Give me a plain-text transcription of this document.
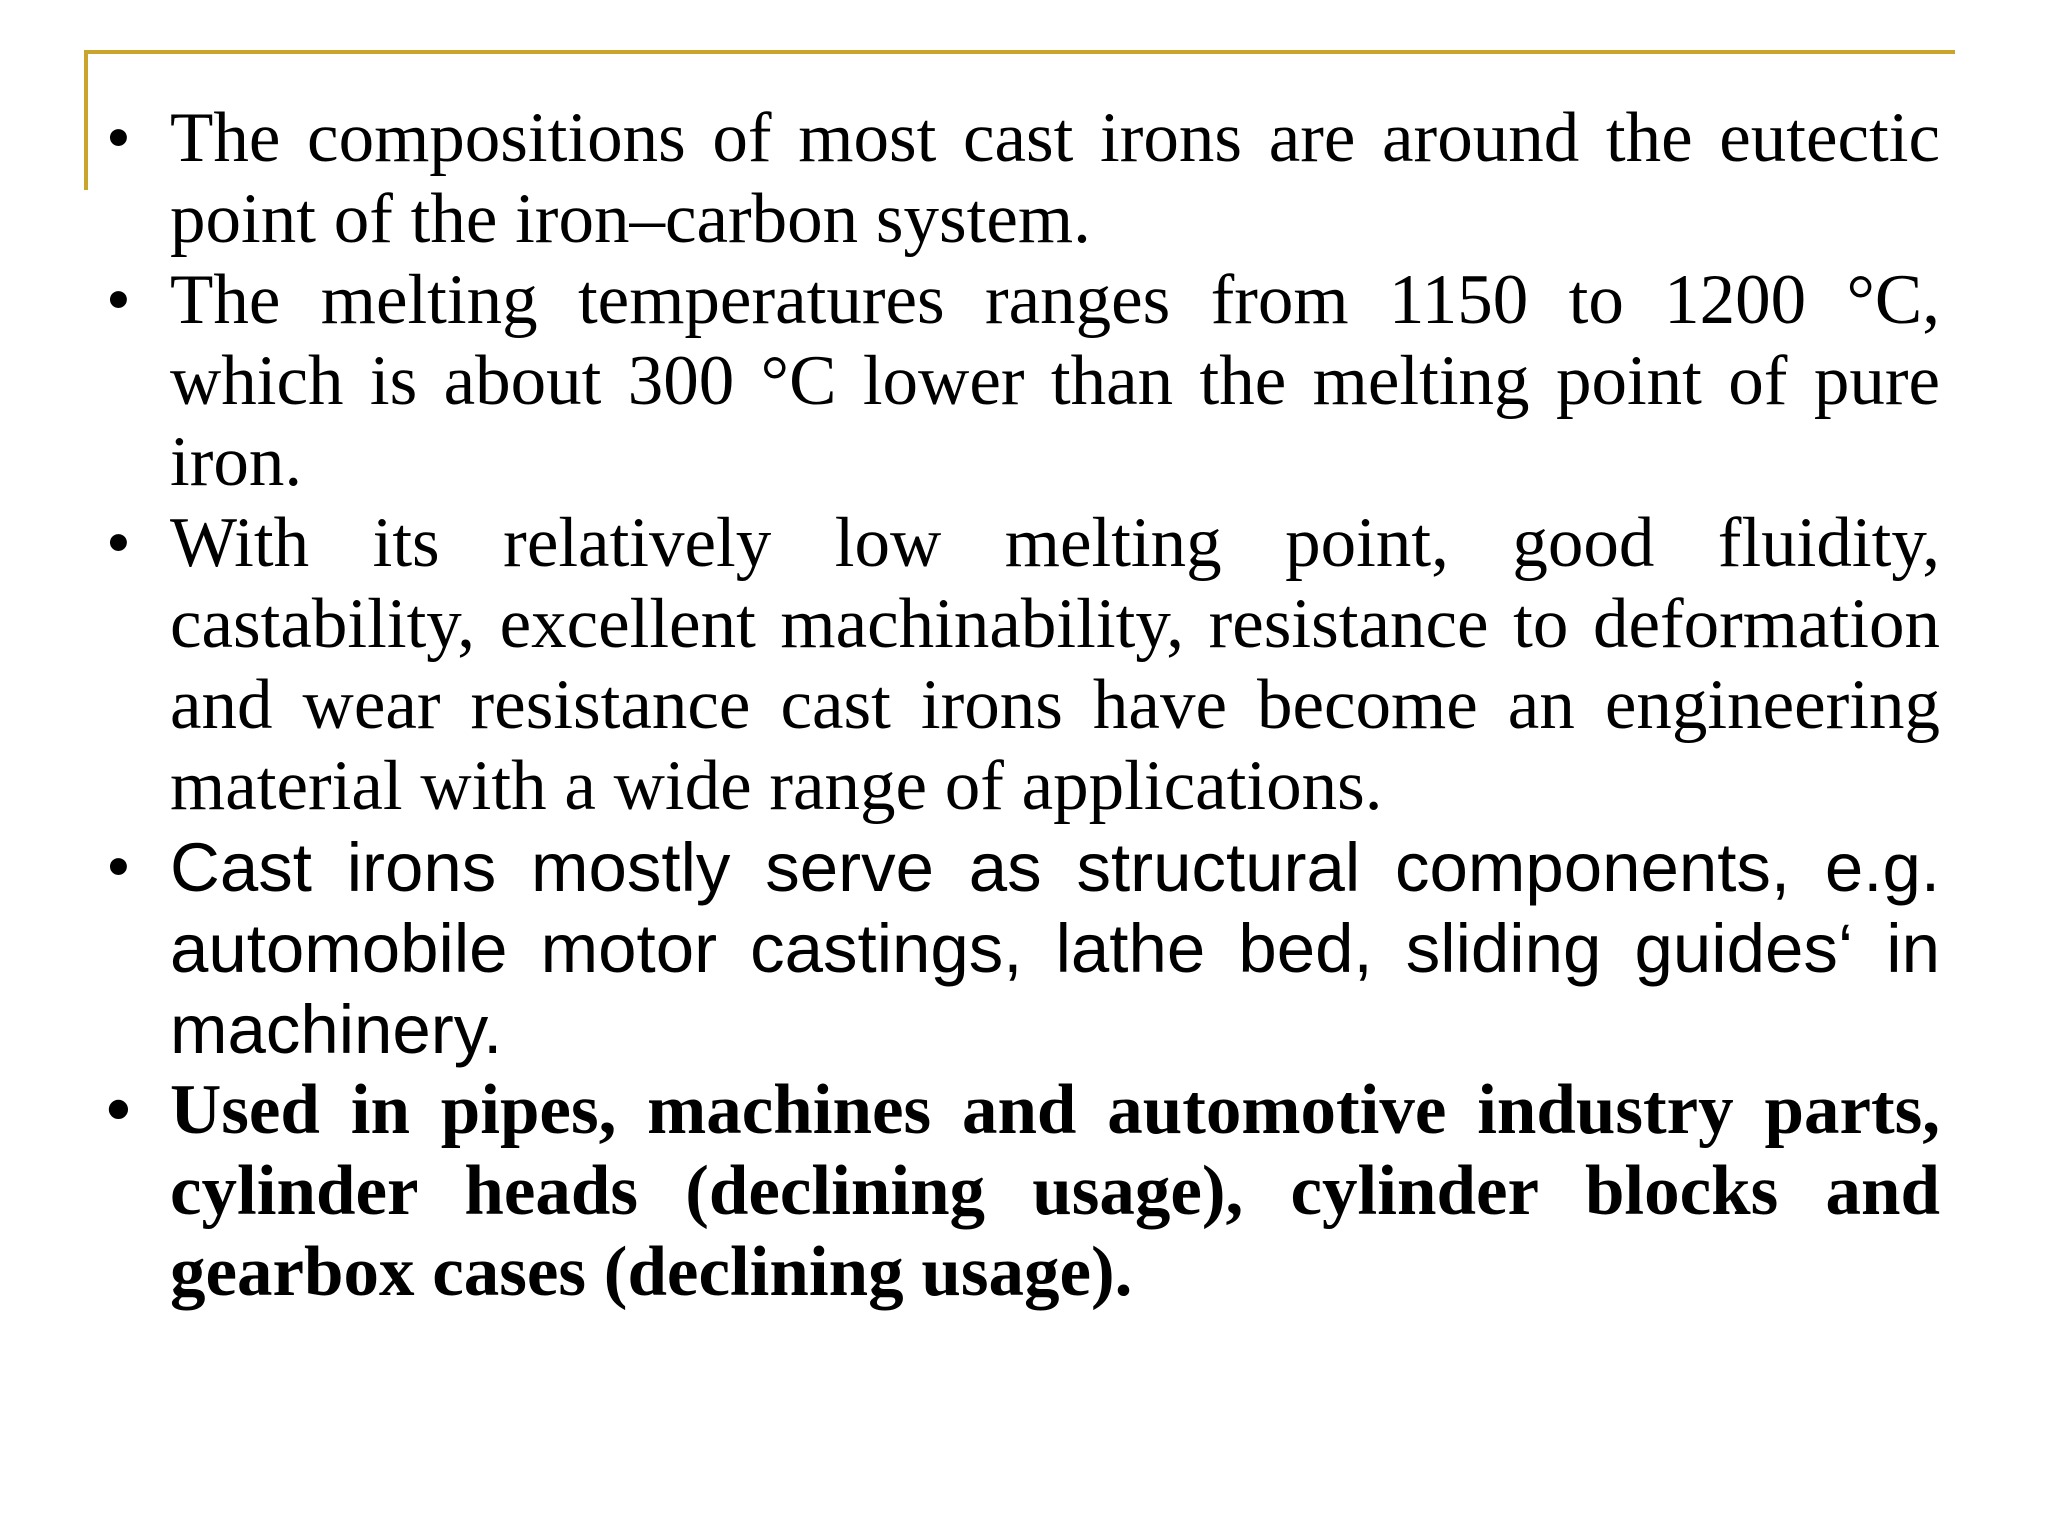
• The compositions of most cast irons are around the eutectic point of the iron–carbon system.
• The melting temperatures ranges from 1150 to 1200 °C, which is about 300 °C lower than the melting point of pure iron.
• With its relatively low melting point, good fluidity, castability, excellent machinability, resistance to deformation and wear resistance cast irons have become an engineering material with a wide range of applications.
• Cast irons mostly serve as structural components, e.g. automobile motor castings, lathe bed, sliding guides‘ in machinery.
• Used in pipes, machines and automotive industry parts, cylinder heads (declining usage), cylinder blocks and gearbox cases (declining usage).
